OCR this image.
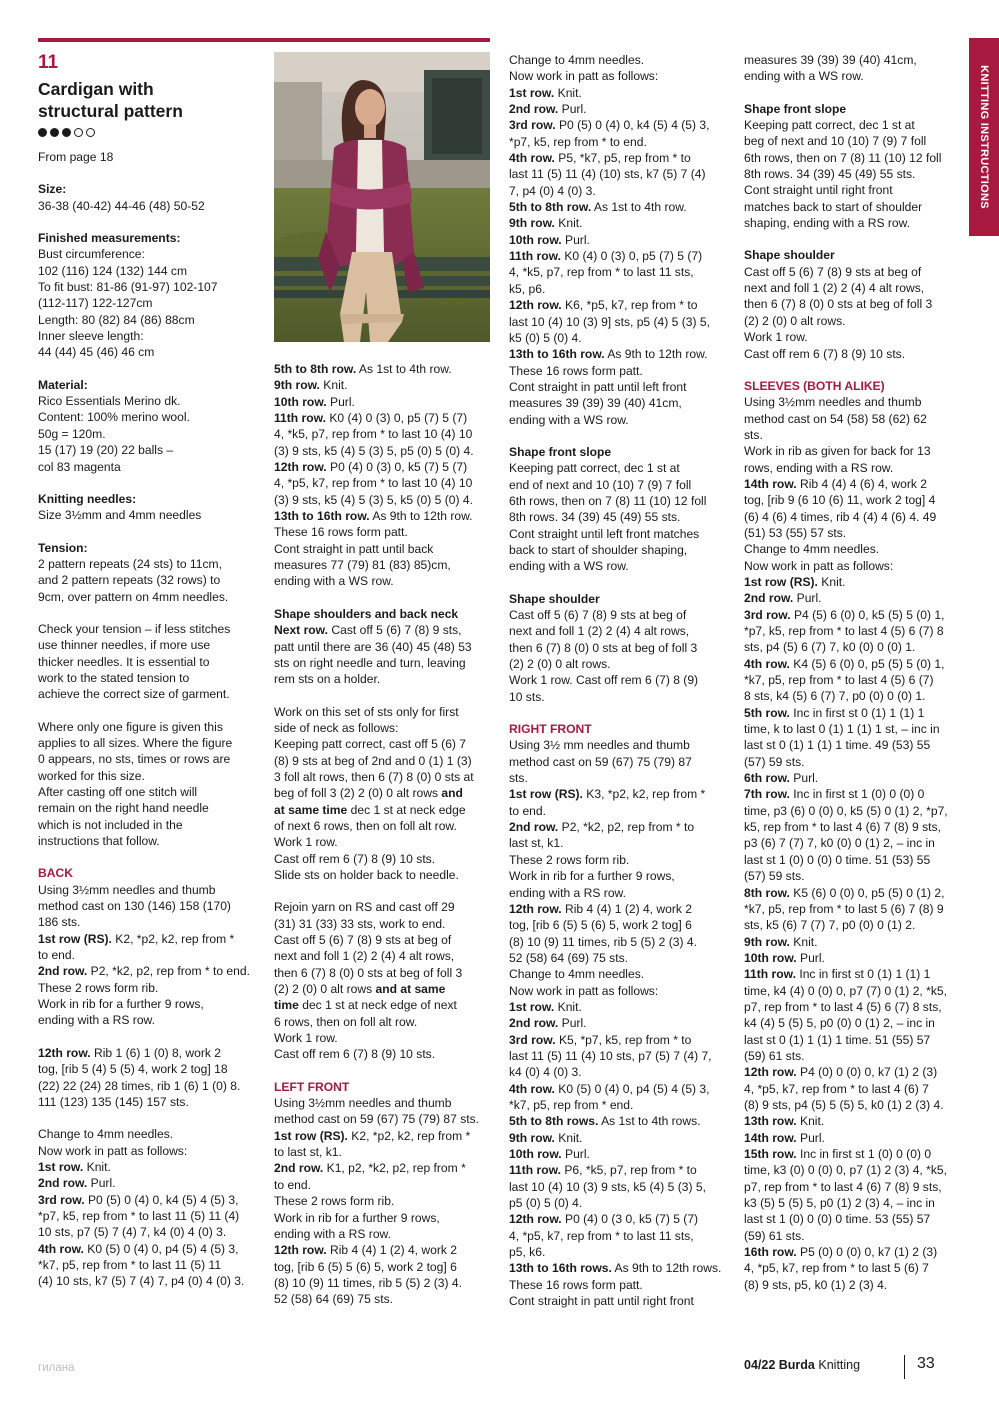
KNITTING INSTRUCTIONS
11
Cardigan with
structural pattern
From page 18
Size:
36-38 (40-42) 44-46 (48) 50-52
Finished measurements:
Bust circumference:
102 (116) 124 (132) 144 cm
To fit bust: 81-86 (91-97) 102-107
(112-117) 122-127cm
Length: 80 (82) 84 (86) 88cm
Inner sleeve length:
44 (44) 45 (46) 46 cm
Material:
Rico Essentials Merino dk.
Content: 100% merino wool.
50g = 120m.
15 (17) 19 (20) 22 balls –
col 83 magenta
Knitting needles:
Size 3½mm and 4mm needles
Tension:
2 pattern repeats (24 sts) to 11cm,
and 2 pattern repeats (32 rows) to
9cm, over pattern on 4mm needles.
Check your tension – if less stitches
use thinner needles, if more use
thicker needles. It is essential to
work to the stated tension to
achieve the correct size of garment.
Where only one figure is given this
applies to all sizes. Where the figure
0 appears, no sts, times or rows are
worked for this size.
After casting off one stitch will
remain on the right hand needle
which is not included in the
instructions that follow.
BACK
Using 3½mm needles and thumb
method cast on 130 (146) 158 (170)
186 sts.
1st row (RS). K2, *p2, k2, rep from *
to end.
2nd row. P2, *k2, p2, rep from * to end.
These 2 rows form rib.
Work in rib for a further 9 rows,
ending with a RS row.
12th row. Rib 1 (6) 1 (0) 8, work 2
tog, [rib 5 (4) 5 (5) 4, work 2 tog] 18
(22) 22 (24) 28 times, rib 1 (6) 1 (0) 8.
111 (123) 135 (145) 157 sts.
Change to 4mm needles.
Now work in patt as follows:
1st row. Knit.
2nd row. Purl.
3rd row. P0 (5) 0 (4) 0, k4 (5) 4 (5) 3,
*p7, k5, rep from * to last 11 (5) 11 (4)
10 sts, p7 (5) 7 (4) 7, k4 (0) 4 (0) 3.
4th row. K0 (5) 0 (4) 0, p4 (5) 4 (5) 3,
*k7, p5, rep from * to last 11 (5) 11
(4) 10 sts, k7 (5) 7 (4) 7, p4 (0) 4 (0) 3.
5th to 8th row. As 1st to 4th row.
9th row. Knit.
10th row. Purl.
11th row. K0 (4) 0 (3) 0, p5 (7) 5 (7)
4, *k5, p7, rep from * to last 10 (4) 10
(3) 9 sts, k5 (4) 5 (3) 5, p5 (0) 5 (0) 4.
12th row. P0 (4) 0 (3) 0, k5 (7) 5 (7)
4, *p5, k7, rep from * to last 10 (4) 10
(3) 9 sts, k5 (4) 5 (3) 5, k5 (0) 5 (0) 4.
13th to 16th row. As 9th to 12th row.
These 16 rows form patt.
Cont straight in patt until back
measures 77 (79) 81 (83) 85)cm,
ending with a WS row.
Shape shoulders and back neck
Next row. Cast off 5 (6) 7 (8) 9 sts,
patt until there are 36 (40) 45 (48) 53
sts on right needle and turn, leaving
rem sts on a holder.
Work on this set of sts only for first
side of neck as follows:
Keeping patt correct, cast off 5 (6) 7
(8) 9 sts at beg of 2nd and 0 (1) 1 (3)
3 foll alt rows, then 6 (7) 8 (0) 0 sts at
beg of foll 3 (2) 2 (0) 0 alt rows and
at same time dec 1 st at neck edge
of next 6 rows, then on foll alt row.
Work 1 row.
Cast off rem 6 (7) 8 (9) 10 sts.
Slide sts on holder back to needle.
Rejoin yarn on RS and cast off 29
(31) 31 (33) 33 sts, work to end.
Cast off 5 (6) 7 (8) 9 sts at beg of
next and foll 1 (2) 2 (4) 4 alt rows,
then 6 (7) 8 (0) 0 sts at beg of foll 3
(2) 2 (0) 0 alt rows and at same
time dec 1 st at neck edge of next
6 rows, then on foll alt row.
Work 1 row.
Cast off rem 6 (7) 8 (9) 10 sts.
LEFT FRONT
Using 3½mm needles and thumb
method cast on 59 (67) 75 (79) 87 sts.
1st row (RS). K2, *p2, k2, rep from *
to last st, k1.
2nd row. K1, p2, *k2, p2, rep from *
to end.
These 2 rows form rib.
Work in rib for a further 9 rows,
ending with a RS row.
12th row. Rib 4 (4) 1 (2) 4, work 2
tog, [rib 6 (5) 5 (6) 5, work 2 tog] 6
(8) 10 (9) 11 times, rib 5 (5) 2 (3) 4.
52 (58) 64 (69) 75 sts.
Change to 4mm needles.
Now work in patt as follows:
1st row. Knit.
2nd row. Purl.
3rd row. P0 (5) 0 (4) 0, k4 (5) 4 (5) 3,
*p7, k5, rep from * to end.
4th row. P5, *k7, p5, rep from * to
last 11 (5) 11 (4) (10) sts, k7 (5) 7 (4)
7, p4 (0) 4 (0) 3.
5th to 8th row. As 1st to 4th row.
9th row. Knit.
10th row. Purl.
11th row. K0 (4) 0 (3) 0, p5 (7) 5 (7)
4, *k5, p7, rep from * to last 11 sts,
k5, p6.
12th row. K6, *p5, k7, rep from * to
last 10 (4) 10 (3) 9] sts, p5 (4) 5 (3) 5,
k5 (0) 5 (0) 4.
13th to 16th row. As 9th to 12th row.
These 16 rows form patt.
Cont straight in patt until left front
measures 39 (39) 39 (40) 41cm,
ending with a WS row.
Shape front slope
Keeping patt correct, dec 1 st at
end of next and 10 (10) 7 (9) 7 foll
6th rows, then on 7 (8) 11 (10) 12 foll
8th rows. 34 (39) 45 (49) 55 sts.
Cont straight until left front matches
back to start of shoulder shaping,
ending with a WS row.
Shape shoulder
Cast off 5 (6) 7 (8) 9 sts at beg of
next and foll 1 (2) 2 (4) 4 alt rows,
then 6 (7) 8 (0) 0 sts at beg of foll 3
(2) 2 (0) 0 alt rows.
Work 1 row. Cast off rem 6 (7) 8 (9)
10 sts.
RIGHT FRONT
Using 3½ mm needles and thumb
method cast on 59 (67) 75 (79) 87
sts.
1st row (RS). K3, *p2, k2, rep from *
to end.
2nd row. P2, *k2, p2, rep from * to
last st, k1.
These 2 rows form rib.
Work in rib for a further 9 rows,
ending with a RS row.
12th row. Rib 4 (4) 1 (2) 4, work 2
tog, [rib 6 (5) 5 (6) 5, work 2 tog] 6
(8) 10 (9) 11 times, rib 5 (5) 2 (3) 4.
52 (58) 64 (69) 75 sts.
Change to 4mm needles.
Now work in patt as follows:
1st row. Knit.
2nd row. Purl.
3rd row. K5, *p7, k5, rep from * to
last 11 (5) 11 (4) 10 sts, p7 (5) 7 (4) 7,
k4 (0) 4 (0) 3.
4th row. K0 (5) 0 (4) 0, p4 (5) 4 (5) 3,
*k7, p5, rep from * end.
5th to 8th rows. As 1st to 4th rows.
9th row. Knit.
10th row. Purl.
11th row. P6, *k5, p7, rep from * to
last 10 (4) 10 (3) 9 sts, k5 (4) 5 (3) 5,
p5 (0) 5 (0) 4.
12th row. P0 (4) 0 (3 0, k5 (7) 5 (7)
4, *p5, k7, rep from * to last 11 sts,
p5, k6.
13th to 16th rows. As 9th to 12th rows.
These 16 rows form patt.
Cont straight in patt until right front
measures 39 (39) 39 (40) 41cm,
ending with a WS row.
Shape front slope
Keeping patt correct, dec 1 st at
beg of next and 10 (10) 7 (9) 7 foll
6th rows, then on 7 (8) 11 (10) 12 foll
8th rows. 34 (39) 45 (49) 55 sts.
Cont straight until right front
matches back to start of shoulder
shaping, ending with a RS row.
Shape shoulder
Cast off 5 (6) 7 (8) 9 sts at beg of
next and foll 1 (2) 2 (4) 4 alt rows,
then 6 (7) 8 (0) 0 sts at beg of foll 3
(2) 2 (0) 0 alt rows.
Work 1 row.
Cast off rem 6 (7) 8 (9) 10 sts.
SLEEVES (BOTH ALIKE)
Using 3½mm needles and thumb
method cast on 54 (58) 58 (62) 62
sts.
Work in rib as given for back for 13
rows, ending with a RS row.
14th row. Rib 4 (4) 4 (6) 4, work 2
tog, [rib 9 (6 10 (6) 11, work 2 tog] 4
(6) 4 (6) 4 times, rib 4 (4) 4 (6) 4. 49
(51) 53 (55) 57 sts.
Change to 4mm needles.
Now work in patt as follows:
1st row (RS). Knit.
2nd row. Purl.
3rd row. P4 (5) 6 (0) 0, k5 (5) 5 (0) 1,
*p7, k5, rep from * to last 4 (5) 6 (7) 8
sts, p4 (5) 6 (7) 7, k0 (0) 0 (0) 1.
4th row. K4 (5) 6 (0) 0, p5 (5) 5 (0) 1,
*k7, p5, rep from * to last 4 (5) 6 (7)
8 sts, k4 (5) 6 (7) 7, p0 (0) 0 (0) 1.
5th row. Inc in first st 0 (1) 1 (1) 1
time, k to last 0 (1) 1 (1) 1 st, – inc in
last st 0 (1) 1 (1) 1 time. 49 (53) 55
(57) 59 sts.
6th row. Purl.
7th row. Inc in first st 1 (0) 0 (0) 0
time, p3 (6) 0 (0) 0, k5 (5) 0 (1) 2, *p7,
k5, rep from * to last 4 (6) 7 (8) 9 sts,
p3 (6) 7 (7) 7, k0 (0) 0 (1) 2, – inc in
last st 1 (0) 0 (0) 0 time. 51 (53) 55
(57) 59 sts.
8th row. K5 (6) 0 (0) 0, p5 (5) 0 (1) 2,
*k7, p5, rep from * to last 5 (6) 7 (8) 9
sts, k5 (6) 7 (7) 7, p0 (0) 0 (1) 2.
9th row. Knit.
10th row. Purl.
11th row. Inc in first st 0 (1) 1 (1) 1
time, k4 (4) 0 (0) 0, p7 (7) 0 (1) 2, *k5,
p7, rep from * to last 4 (5) 6 (7) 8 sts,
k4 (4) 5 (5) 5, p0 (0) 0 (1) 2, – inc in
last st 0 (1) 1 (1) 1 time. 51 (55) 57
(59) 61 sts.
12th row. P4 (0) 0 (0) 0, k7 (1) 2 (3)
4, *p5, k7, rep from * to last 4 (6) 7
(8) 9 sts, p4 (5) 5 (5) 5, k0 (1) 2 (3) 4.
13th row. Knit.
14th row. Purl.
15th row. Inc in first st 1 (0) 0 (0) 0
time, k3 (0) 0 (0) 0, p7 (1) 2 (3) 4, *k5,
p7, rep from * to last 4 (6) 7 (8) 9 sts,
k3 (5) 5 (5) 5, p0 (1) 2 (3) 4, – inc in
last st 1 (0) 0 (0) 0 time. 53 (55) 57
(59) 61 sts.
16th row. P5 (0) 0 (0) 0, k7 (1) 2 (3)
4, *p5, k7, rep from * to last 5 (6) 7
(8) 9 sts, p5, k0 (1) 2 (3) 4.
гилана	04/22 Burda Knitting	33
